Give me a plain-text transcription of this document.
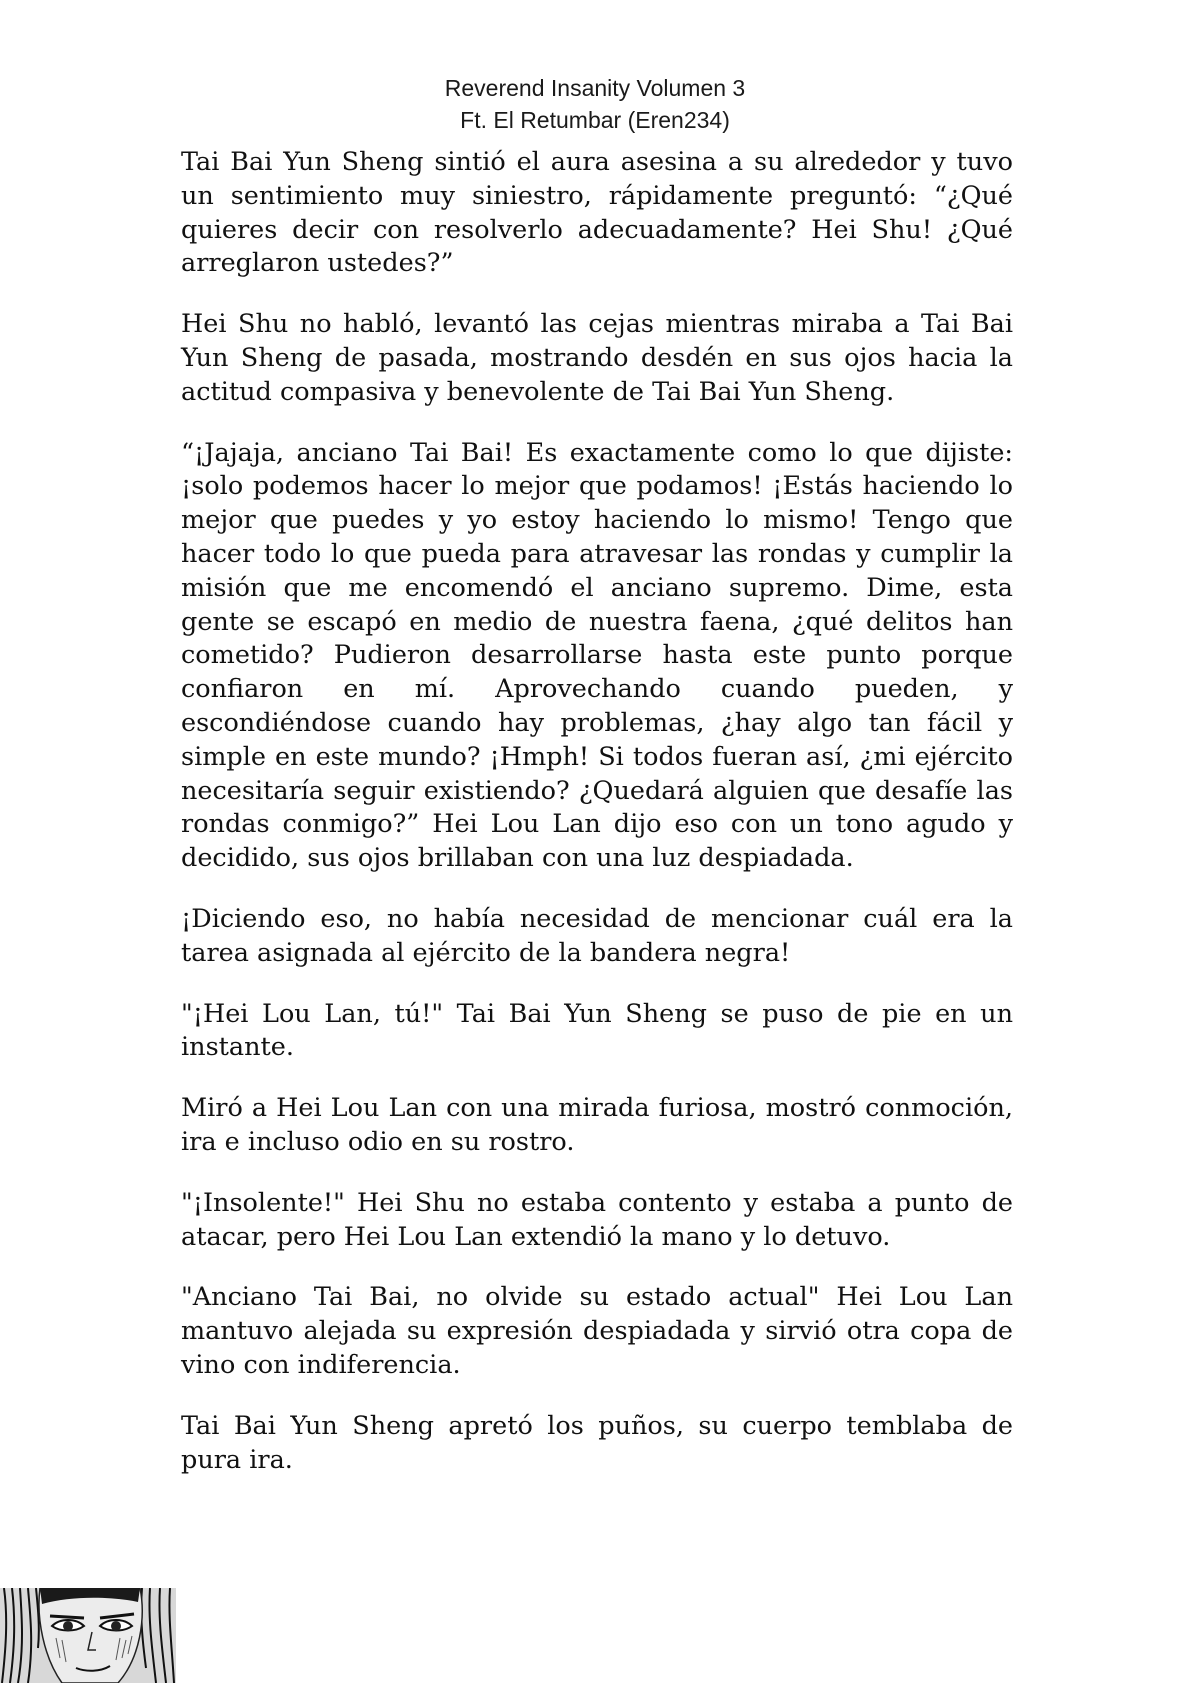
Reverend Insanity Volumen 3
Ft. El Retumbar (Eren234)

Tai Bai Yun Sheng sintió el aura asesina a su alrededor y tuvo un sentimiento muy siniestro, rápidamente preguntó: “¿Qué quieres decir con resolverlo adecuadamente? Hei Shu! ¿Qué arreglaron ustedes?”

Hei Shu no habló, levantó las cejas mientras miraba a Tai Bai Yun Sheng de pasada, mostrando desdén en sus ojos hacia la actitud compasiva y benevolente de Tai Bai Yun Sheng.

“¡Jajaja, anciano Tai Bai! Es exactamente como lo que dijiste: ¡solo podemos hacer lo mejor que podamos! ¡Estás haciendo lo mejor que puedes y yo estoy haciendo lo mismo! Tengo que hacer todo lo que pueda para atravesar las rondas y cumplir la misión que me encomendó el anciano supremo. Dime, esta gente se escapó en medio de nuestra faena, ¿qué delitos han cometido? Pudieron desarrollarse hasta este punto porque confiaron en mí. Aprovechando cuando pueden, y escondiéndose cuando hay problemas, ¿hay algo tan fácil y simple en este mundo? ¡Hmph! Si todos fueran así, ¿mi ejército necesitaría seguir existiendo? ¿Quedará alguien que desafíe las rondas conmigo?” Hei Lou Lan dijo eso con un tono agudo y decidido, sus ojos brillaban con una luz despiadada.

¡Diciendo eso, no había necesidad de mencionar cuál era la tarea asignada al ejército de la bandera negra!

"¡Hei Lou Lan, tú!" Tai Bai Yun Sheng se puso de pie en un instante.

Miró a Hei Lou Lan con una mirada furiosa, mostró conmoción, ira e incluso odio en su rostro.

"¡Insolente!" Hei Shu no estaba contento y estaba a punto de atacar, pero Hei Lou Lan extendió la mano y lo detuvo.

"Anciano Tai Bai, no olvide su estado actual" Hei Lou Lan mantuvo alejada su expresión despiadada y sirvió otra copa de vino con indiferencia.

Tai Bai Yun Sheng apretó los puños, su cuerpo temblaba de pura ira.
